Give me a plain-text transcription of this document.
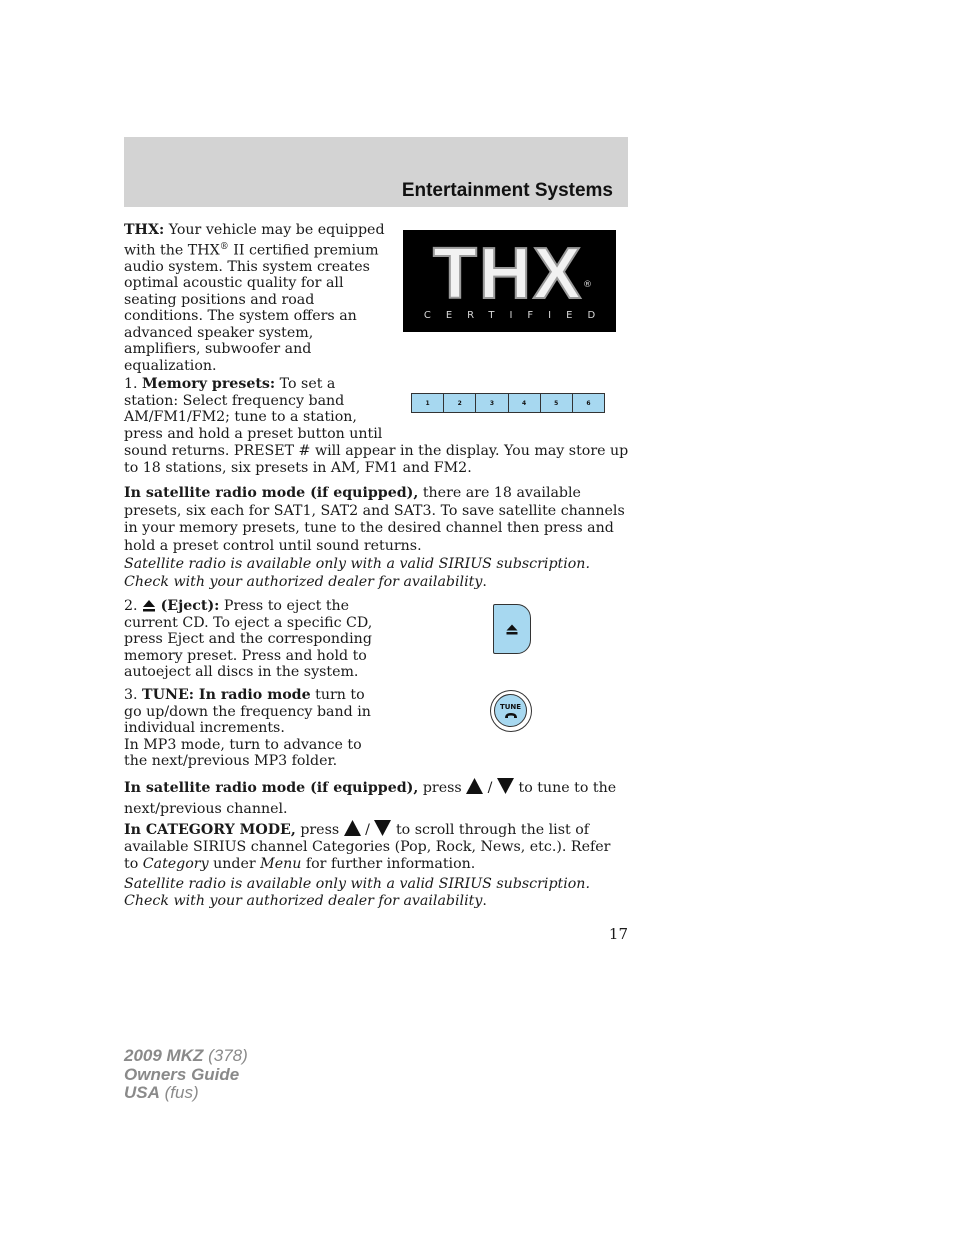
Entertainment Systems

THX: Your vehicle may be equipped with the THX® II certified premium audio system. This system creates optimal acoustic quality for all seating positions and road conditions. The system offers an advanced speaker system, amplifiers, subwoofer and equalization.

THX ®
CERTIFIED

1. Memory presets: To set a station: Select frequency band AM/FM1/FM2; tune to a station, press and hold a preset button until

sound returns. PRESET # will appear in the display. You may store up to 18 stations, six presets in AM, FM1 and FM2.

1	2	3	4	5	6

In satellite radio mode (if equipped), there are 18 available presets, six each for SAT1, SAT2 and SAT3. To save satellite channels in your memory presets, tune to the desired channel then press and hold a preset control until sound returns.

Satellite radio is available only with a valid SIRIUS subscription. Check with your authorized dealer for availability.

2.  (Eject): Press to eject the current CD. To eject a specific CD, press Eject and the corresponding memory preset. Press and hold to autoeject all discs in the system.

3. TUNE: In radio mode turn to go up/down the frequency band in individual increments.
In MP3 mode, turn to advance to the next/previous MP3 folder.

TUNE

In satellite radio mode (if equipped), press  /  to tune to the next/previous channel.

In CATEGORY MODE, press  /  to scroll through the list of available SIRIUS channel Categories (Pop, Rock, News, etc.). Refer to Category under Menu for further information.

Satellite radio is available only with a valid SIRIUS subscription. Check with your authorized dealer for availability.

17
2009 MKZ (378)
Owners Guide
USA (fus)
